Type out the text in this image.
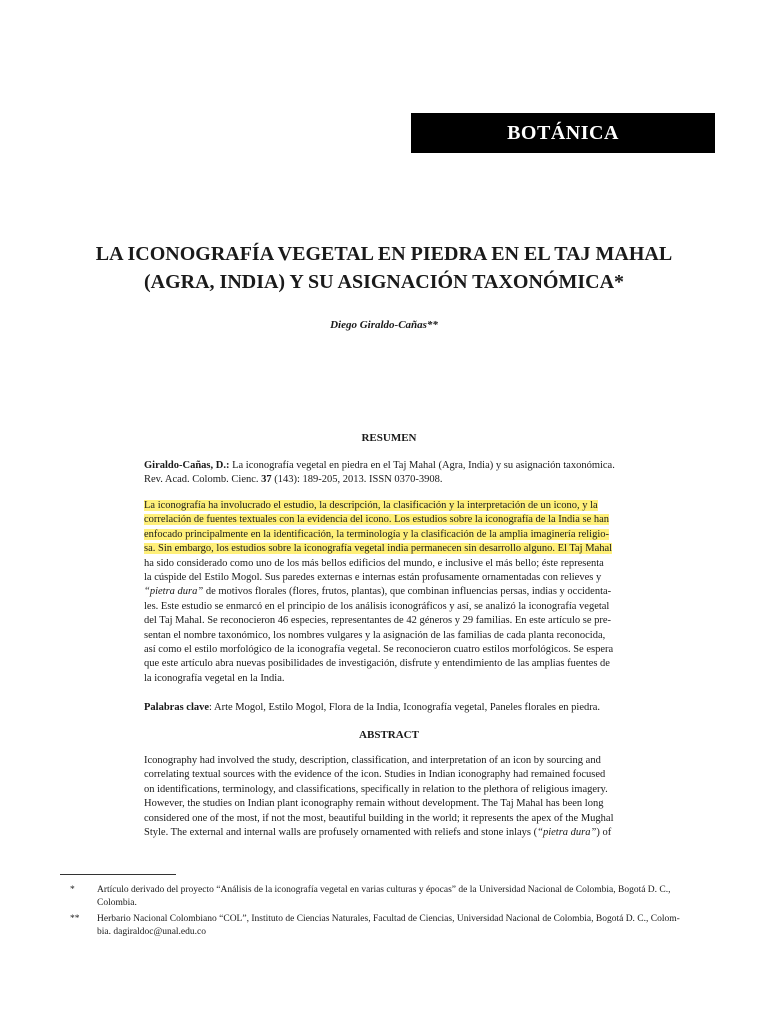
BOTÁNICA
LA ICONOGRAFÍA VEGETAL EN PIEDRA EN EL TAJ MAHAL
(AGRA, INDIA) Y SU ASIGNACIÓN TAXONÓMICA*
Diego Giraldo-Cañas**
RESUMEN
Giraldo-Cañas, D.: La iconografía vegetal en piedra en el Taj Mahal (Agra, India) y su asignación taxonómica.
Rev. Acad. Colomb. Cienc. 37 (143): 189-205, 2013. ISSN 0370-3908.
La iconografía ha involucrado el estudio, la descripción, la clasificación y la interpretación de un icono, y la
correlación de fuentes textuales con la evidencia del icono. Los estudios sobre la iconografía de la India se han
enfocado principalmente en la identificación, la terminología y la clasificación de la amplia imaginería religio-
sa. Sin embargo, los estudios sobre la iconografía vegetal india permanecen sin desarrollo alguno. El Taj Mahal
ha sido considerado como uno de los más bellos edificios del mundo, e inclusive el más bello; éste representa
la cúspide del Estilo Mogol. Sus paredes externas e internas están profusamente ornamentadas con relieves y
“pietra dura” de motivos florales (flores, frutos, plantas), que combinan influencias persas, indias y occidenta-
les. Este estudio se enmarcó en el principio de los análisis iconográficos y así, se analizó la iconografía vegetal
del Taj Mahal. Se reconocieron 46 especies, representantes de 42 géneros y 29 familias. En este artículo se pre-
sentan el nombre taxonómico, los nombres vulgares y la asignación de las familias de cada planta reconocida,
así como el estilo morfológico de la iconografía vegetal. Se reconocieron cuatro estilos morfológicos. Se espera
que este artículo abra nuevas posibilidades de investigación, disfrute y entendimiento de las amplias fuentes de
la iconografía vegetal en la India.
Palabras clave: Arte Mogol, Estilo Mogol, Flora de la India, Iconografía vegetal, Paneles florales en piedra.
ABSTRACT
Iconography had involved the study, description, classification, and interpretation of an icon by sourcing and
correlating textual sources with the evidence of the icon. Studies in Indian iconography had remained focused
on identifications, terminology, and classifications, specifically in relation to the plethora of religious imagery.
However, the studies on Indian plant iconography remain without development. The Taj Mahal has been long
considered one of the most, if not the most, beautiful building in the world; it represents the apex of the Mughal
Style. The external and internal walls are profusely ornamented with reliefs and stone inlays (“pietra dura”) of
* Artículo derivado del proyecto “Análisis de la iconografía vegetal en varias culturas y épocas” de la Universidad Nacional de Colombia, Bogotá D. C.,
Colombia.
** Herbario Nacional Colombiano “COL”, Instituto de Ciencias Naturales, Facultad de Ciencias, Universidad Nacional de Colombia, Bogotá D. C., Colom-
bia. dagiraldoc@unal.edu.co
